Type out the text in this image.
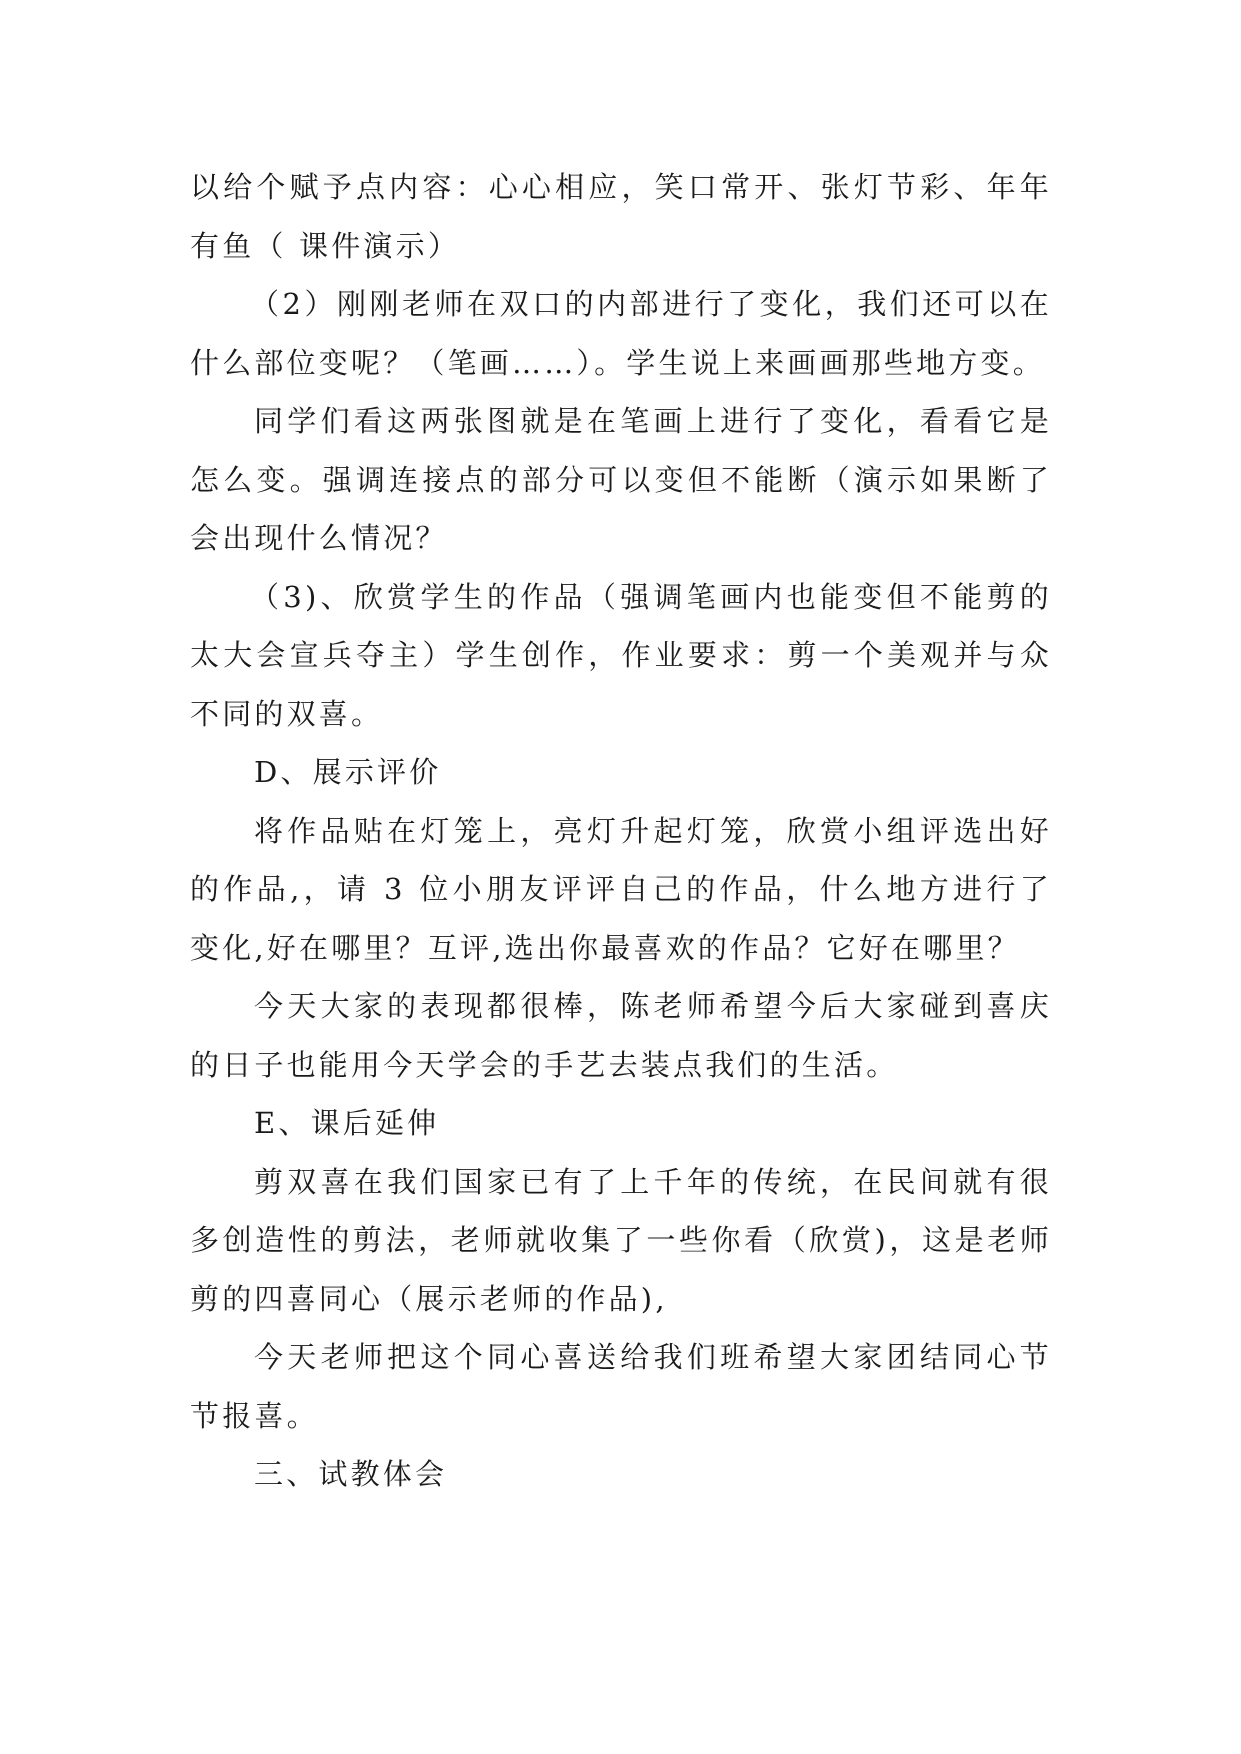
以给个赋予点内容：心心相应，笑口常开、张灯节彩、年年有鱼（ 课件演示）

（2）刚刚老师在双口的内部进行了变化，我们还可以在什么部位变呢？（笔画……）。学生说上来画画那些地方变。

同学们看这两张图就是在笔画上进行了变化，看看它是怎么变。强调连接点的部分可以变但不能断（演示如果断了会出现什么情况？

（3)、欣赏学生的作品（强调笔画内也能变但不能剪的太大会宣兵夺主）学生创作，作业要求：剪一个美观并与众不同的双喜。

D、展示评价

将作品贴在灯笼上，亮灯升起灯笼，欣赏小组评选出好的作品,，请 3 位小朋友评评自己的作品，什么地方进行了变化,好在哪里？互评,选出你最喜欢的作品？它好在哪里？

今天大家的表现都很棒，陈老师希望今后大家碰到喜庆的日子也能用今天学会的手艺去装点我们的生活。

E、课后延伸

剪双喜在我们国家已有了上千年的传统，在民间就有很多创造性的剪法，老师就收集了一些你看（欣赏)，这是老师剪的四喜同心（展示老师的作品),

今天老师把这个同心喜送给我们班希望大家团结同心节节报喜。

三、试教体会
